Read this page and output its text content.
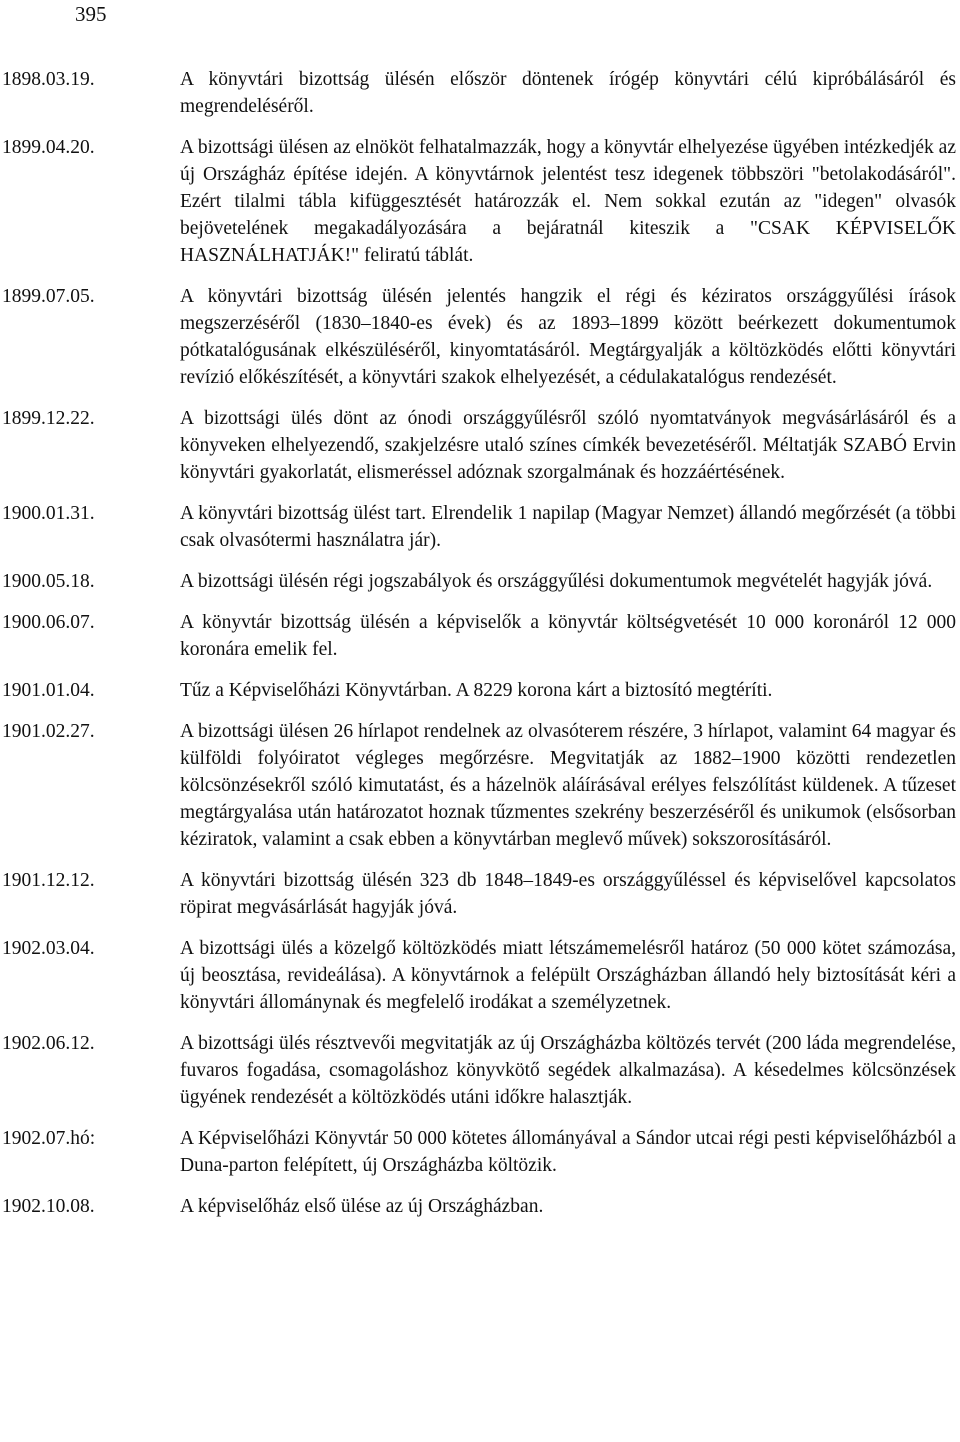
395
1898.03.19.	A könyvtári bizottság ülésén először döntenek írógép könyvtári célú kipróbálásáról és megrendeléséről.
1899.04.20.	A bizottsági ülésen az elnököt felhatalmazzák, hogy a könyvtár elhelyezése ügyében intézkedjék az új Országház építése idején. A könyvtárnok jelentést tesz idegenek többszöri "betolakodásáról". Ezért tilalmi tábla kifüggesztését határozzák el. Nem sokkal ezután az "idegen" olvasók bejövetelének megakadályozására a bejáratnál kiteszik a "CSAK KÉPVISELŐK HASZNÁLHATJÁK!" feliratú táblát.
1899.07.05.	A könyvtári bizottság ülésén jelentés hangzik el régi és kéziratos országgyűlési írások megszerzéséről (1830–1840-es évek) és az 1893–1899 között beérkezett dokumentumok pótkatalógusának elkészüléséről, kinyomtatásáról. Megtárgyalják a költözködés előtti könyvtári revízió előkészítését, a könyvtári szakok elhelyezését, a cédulakatalógus rendezését.
1899.12.22.	A bizottsági ülés dönt az ónodi országgyűlésről szóló nyomtatványok megvásárlásáról és a könyveken elhelyezendő, szakjelzésre utaló színes címkék bevezetéséről. Méltatják SZABÓ Ervin könyvtári gyakorlatát, elismeréssel adóznak szorgalmának és hozzáértésének.
1900.01.31.	A könyvtári bizottság ülést tart. Elrendelik 1 napilap (Magyar Nemzet) állandó megőrzését (a többi csak olvasótermi használatra jár).
1900.05.18.	A bizottsági ülésén régi jogszabályok és országgyűlési dokumentumok megvételét hagyják jóvá.
1900.06.07.	A könyvtár bizottság ülésén a képviselők a könyvtár költségvetését 10 000 koronáról 12 000 koronára emelik fel.
1901.01.04.	Tűz a Képviselőházi Könyvtárban. A 8229 korona kárt a biztosító megtéríti.
1901.02.27.	A bizottsági ülésen 26 hírlapot rendelnek az olvasóterem részére, 3 hírlapot, valamint 64 magyar és külföldi folyóiratot végleges megőrzésre. Megvitatják az 1882–1900 közötti rendezetlen kölcsönzésekről szóló kimutatást, és a házelnök aláírásával erélyes felszólítást küldenek. A tűzeset megtárgyalása után határozatot hoznak tűzmentes szekrény beszerzéséről és unikumok (elsősorban kéziratok, valamint a csak ebben a könyvtárban meglevő művek) sokszorosításáról.
1901.12.12.	A könyvtári bizottság ülésén 323 db 1848–1849-es országgyűléssel és képviselővel kapcsolatos röpirat megvásárlását hagyják jóvá.
1902.03.04.	A bizottsági ülés a közelgő költözködés miatt létszámemelésről határoz (50 000 kötet számozása, új beosztása, revideálása). A könyvtárnok a felépült Országházban állandó hely biztosítását kéri a könyvtári állománynak és megfelelő irodákat a személyzetnek.
1902.06.12.	A bizottsági ülés résztvevői megvitatják az új Országházba költözés tervét (200 láda megrendelése, fuvaros fogadása, csomagoláshoz könyvkötő segédek alkalmazása). A késedelmes kölcsönzések ügyének rendezését a költözködés utáni időkre halasztják.
1902.07.hó:	A Képviselőházi Könyvtár 50 000 kötetes állományával a Sándor utcai régi pesti képviselőházból a Duna-parton felépített, új Országházba költözik.
1902.10.08.	A képviselőház első ülése az új Országházban.
